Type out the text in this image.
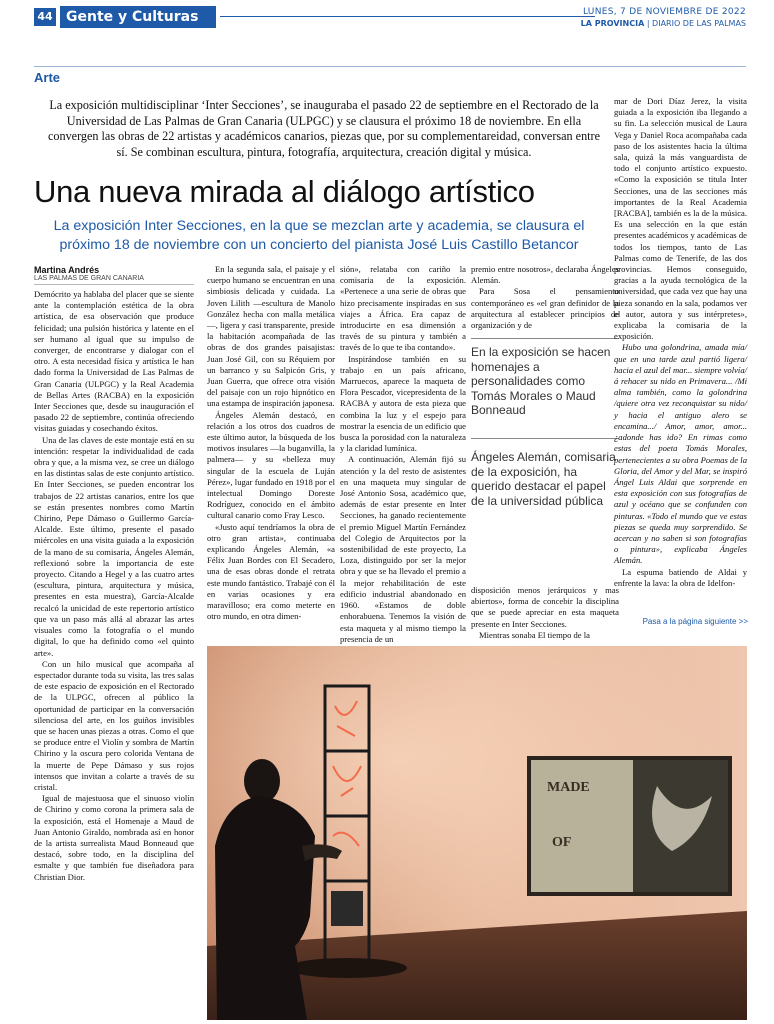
44 Gente y Culturas	LUNES, 7 DE NOVIEMBRE DE 2022
LA PROVINCIA | DIARIO DE LAS PALMAS
Arte
La exposición multidisciplinar ‘Inter Secciones’, se inauguraba el pasado 22 de septiembre en el Rectorado de la Universidad de Las Palmas de Gran Canaria (ULPGC) y se clausura el próximo 18 de noviembre. En ella convergen las obras de 22 artistas y académicos canarios, piezas que, por su complementareidad, conversan entre sí. Se combinan escultura, pintura, fotografía, arquitectura, creación digital y música.
Una nueva mirada al diálogo artístico
La exposición Inter Secciones, en la que se mezclan arte y academia, se clausura el próximo 18 de noviembre con un concierto del pianista José Luis Castillo Betancor
Martina Andrés
LAS PALMAS DE GRAN CANARIA

Demócrito ya hablaba del placer que se siente ante la contemplación estética de la obra artística, de esa observación que produce felicidad; una pulsión histórica y latente en el ser humano al igual que su impulso de converger, de encontrarse y dialogar con el otro. A esta necesidad física y artística le han dado forma la Universidad de Las Palmas de Gran Canaria (ULPGC) y la Real Academia de Bellas Artes (RACBA) en la exposición Inter Secciones que, desde su inauguración el pasado 22 de septiembre, continúa ofreciendo visitas guiadas y cosechando éxitos.

Una de las claves de este montaje está en su intención: respetar la individualidad de cada obra y que, a la misma vez, se cree un diálogo en las distintas salas de este conjunto artístico. En Inter Secciones, se pueden encontrar los trabajos de 22 artistas canarios, entre los que se están presentes nombres como Martín Chirino, Pepe Dámaso o Guillermo García-Alcalde. Este último, presente el pasado miércoles en una visita guiada a la exposición de la mano de su comisaria, Ángeles Alemán, reflexionó sobre la importancia de este proyecto. Citando a Hegel y a las cuatro artes (escultura, pintura, arquitectura y música, presentes en esta muestra), García-Alcalde recalcó la unicidad de este repertorio artístico que va un paso más allá al abrazar las artes visuales como la fotografía o el mundo digital, lo que ha definido como «el quinto arte».

Con un hilo musical que acompaña al espectador durante toda su visita, las tres salas de este espacio de exposición en el Rectorado de la ULPGC, ofrecen al público la oportunidad de participar en la conversación silenciosa del arte, en los guiños invisibles que se hacen unas piezas a otras. Como el que se produce entre el Violín y sombra de Martín Chirino y la oscura pero colorida Ventana de la muerte de Pepe Dámaso y sus rojos intensos que invitan a colarte a través de su cristal.

Igual de majestuosa que el sinuoso violín de Chirino y como corona la primera sala de la exposición, está el Homenaje a Maud de Juan Antonio Giraldo, nombrada así en honor de la artista surrealista Maud Bonneaud que destacó, sobre todo, en la disciplina del esmalte y que también fue diseñadora para Christian Dior.

En la segunda sala, el paisaje y el cuerpo humano se encuentran en una simbiosis delicada y cuidada. La Joven Lilith —escultura de Manolo González hecha con malla metálica—, ligera y casi transparente, preside la habitación acompañada de las obras de dos grandes paisajistas: Juan José Gil, con su Réquiem por un barranco y su Salpicón Gris, y Juan Guerra, que ofrece otra visión del paisaje con un rojo hipnótico en una estampa de inspiración japonesa.

Ángeles Alemán destacó, en relación a los otros dos cuadros de este último autor, la búsqueda de los motivos insulares —la buganvilla, la palmera— y su «belleza muy singular de la escuela de Luján Pérez», lugar fundado en 1918 por el intelectual Domingo Doreste Rodríguez, conocido en el ámbito cultural canario como Fray Lesco.

«Justo aquí tendríamos la obra de otro gran artista», continuaba explicando Ángeles Alemán, «a Félix Juan Bordes con El Secadero, una de esas obras donde el retrata este mundo fantástico. Trabajé con él en varias ocasiones y era maravilloso; era como meterte en otro mundo, en otra dimen-

sión», relataba con cariño la comisaria de la exposición. «Pertenece a una serie de obras que hizo precisamente inspiradas en sus viajes a África. Era capaz de introducirte en esa dimensión a través de su pintura y también a través de lo que te iba contando».

Inspirándose también en su trabajo en un país africano, Marruecos, aparece la maqueta de Flora Pescador, vicepresidenta de la RACBA y autora de esta pieza que combina la luz y el espejo para mostrar la esencia de un edificio que busca la porosidad con la naturaleza y la claridad lumínica.

A continuación, Alemán fijó su atención y la del resto de asistentes en una maqueta muy singular de José Antonio Sosa, académico que, además de estar presente en Inter Secciones, ha ganado recientemente el premio Miguel Martín Fernández del Colegio de Arquitectos por la sostenibilidad de este proyecto, La Loza, distinguido por ser la mejor obra y que se ha llevado el premio a la mejor rehabilitación de este edificio industrial abandonado en 1960. «Estamos de doble enhorabuena. Tenemos la visión de esta maqueta y al mismo tiempo la presencia de un

premio entre nosotros», declaraba Ángeles Alemán.

Para Sosa el pensamiento contemporáneo es «el gran definidor de la arquitectura al establecer principios de organización y de

En la exposición se hacen homenajes a personalidades como Tomás Morales o Maud Bonneaud
Ángeles Alemán, comisaria de la exposición, ha querido destacar el papel de la universidad pública

disposición menos jerárquicos y mas abiertos», forma de concebir la disciplina que se puede apreciar en esta maqueta presente en Inter Secciones.

Mientras sonaba El tiempo de la

mar de Dori Díaz Jerez, la visita guiada a la exposición iba llegando a su fin. La selección musical de Laura Vega y Daniel Roca acompañaba cada paso de los asistentes hacia la última sala, quizá la más vanguardista de todo el conjunto artístico expuesto. «Como la exposición se titula Inter Secciones, una de las secciones más importantes de la Real Academia [RACBA], también es la de la música. Es una selección en la que están presentes académicos y académicas de todos los tiempos, tanto de Las Palmas como de Tenerife, de las dos provincias. Hemos conseguido, gracias a la ayuda tecnológica de la universidad, que cada vez que hay una pieza sonando en la sala, podamos ver el autor, autora y sus intérpretes», explicaba la comisaria de la exposición.

Hubo una golondrina, amada mía/ que en una tarde azul partió ligera/ hacia el azul del mar... siempre volvía/ á rehacer su nido en Primavera... /Mi alma también, como la golondrina /quiere otra vez reconquistar su nido/ y hacia el antiguo alero se encamina.../ Amor, amor, amor... ¿adonde has ido? En rimas como estas del poeta Tomás Morales, pertenecientes a su obra Poemas de la Gloria, del Amor y del Mar, se inspiró Ángel Luis Aldai que sorprende en esta exposición con sus fotografías de azul y océano que se confunden con pinturas. «Todo el mundo que ve estas piezas se queda muy sorprendido. Se acercan y no saben si son fotografías o pintura», explicaba Ángeles Alemán.

La espuma batiendo de Aldai y enfrente la lava: la obra de Idelfon-

Pasa a la página siguiente >>
MADE
OF
